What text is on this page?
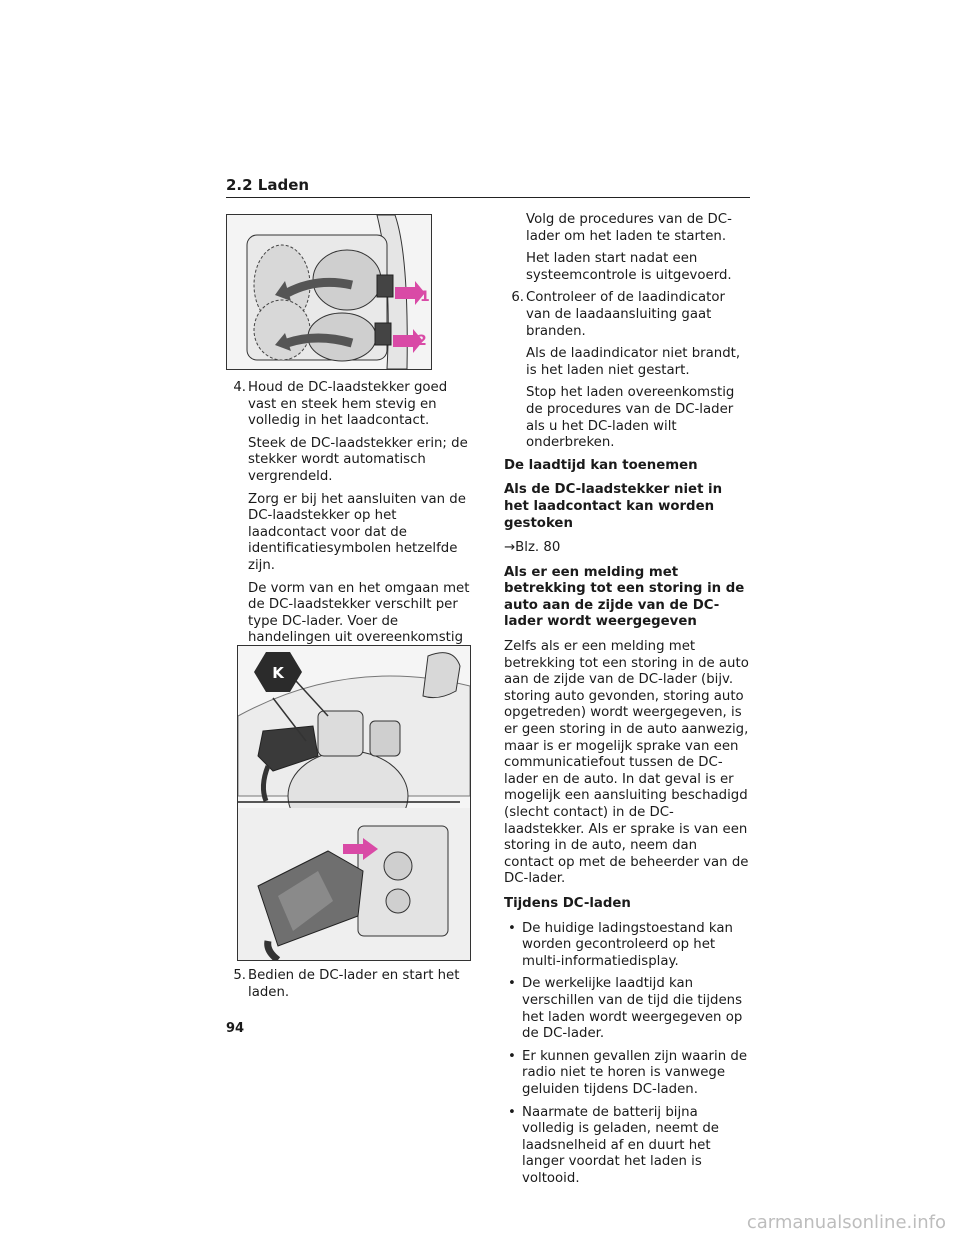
2.2 Laden
1
2
4. Houd de DC-laadstekker goed vast en steek hem stevig en volledig in het laadcontact.
Steek de DC-laadstekker erin; de stekker wordt automatisch vergrendeld.
Zorg er bij het aansluiten van de DC-laadstekker op het laadcontact voor dat de identificatiesymbolen hetzelfde zijn.
De vorm van en het omgaan met de DC-laadstekker verschilt per type DC-lader. Voer de handelingen uit overeenkomstig
K
5. Bedien de DC-lader en start het laden.
Volg de procedures van de DC-lader om het laden te starten.
Het laden start nadat een systeemcontrole is uitgevoerd.
6. Controleer of de laadindicator van de laadaansluiting gaat branden.
Als de laadindicator niet brandt, is het laden niet gestart.
Stop het laden overeenkomstig de procedures van de DC-lader als u het DC-laden wilt onderbreken.
De laadtijd kan toenemen
Als de DC-laadstekker niet in het laadcontact kan worden gestoken
→Blz. 80
Als er een melding met betrekking tot een storing in de auto aan de zijde van de DC-lader wordt weergegeven
Zelfs als er een melding met betrekking tot een storing in de auto aan de zijde van de DC-lader (bijv. storing auto gevonden, storing auto opgetreden) wordt weergegeven, is er geen storing in de auto aanwezig, maar is er mogelijk sprake van een communicatiefout tussen de DC-lader en de auto. In dat geval is er mogelijk een aansluiting beschadigd (slecht contact) in de DC-laadstekker. Als er sprake is van een storing in de auto, neem dan contact op met de beheerder van de DC-lader.
Tijdens DC-laden
• De huidige ladingstoestand kan worden gecontroleerd op het multi-informatiedisplay.
• De werkelijke laadtijd kan verschillen van de tijd die tijdens het laden wordt weergegeven op de DC-lader.
• Er kunnen gevallen zijn waarin de radio niet te horen is vanwege geluiden tijdens DC-laden.
• Naarmate de batterij bijna volledig is geladen, neemt de laadsnelheid af en duurt het langer voordat het laden is voltooid.
94
carmanualsonline.info
